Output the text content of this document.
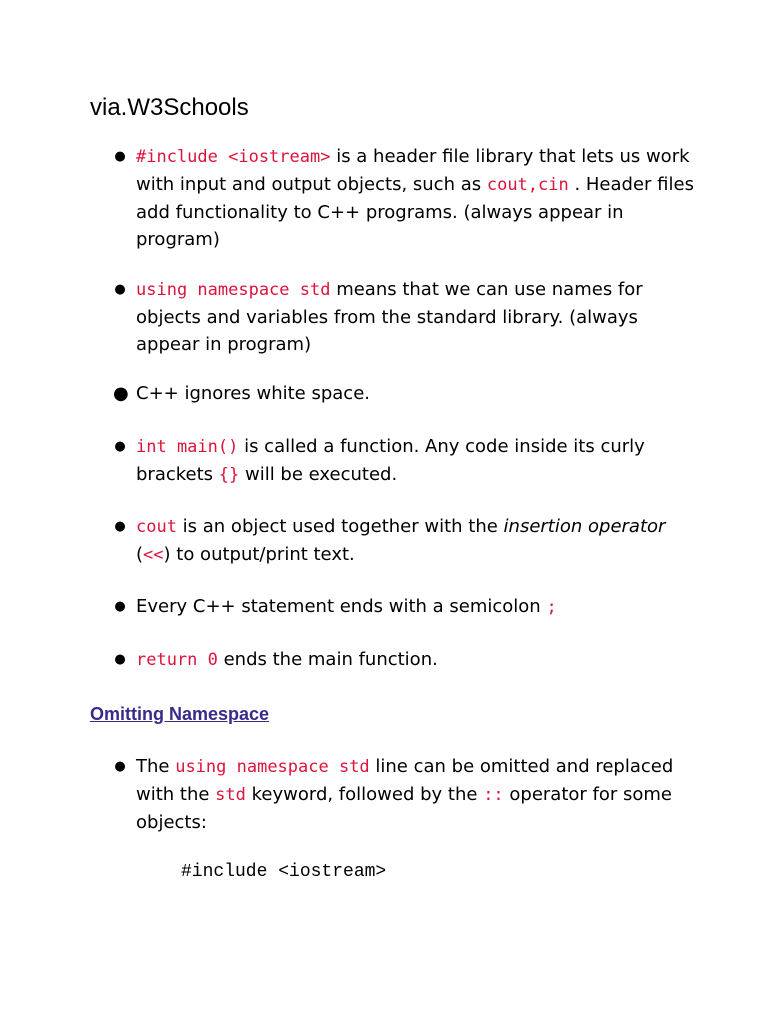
via.W3Schools
● #include <iostream> is a header file library that lets us work with input and output objects, such as cout,cin . Header files add functionality to C++ programs. (always appear in program)
● using namespace std means that we can use names for objects and variables from the standard library. (always appear in program)
● C++ ignores white space.
● int main() is called a function. Any code inside its curly brackets {} will be executed.
● cout is an object used together with the insertion operator (<<) to output/print text.
● Every C++ statement ends with a semicolon ;
● return 0 ends the main function.
Omitting Namespace
● The using namespace std line can be omitted and replaced with the std keyword, followed by the :: operator for some objects:
#include <iostream>
